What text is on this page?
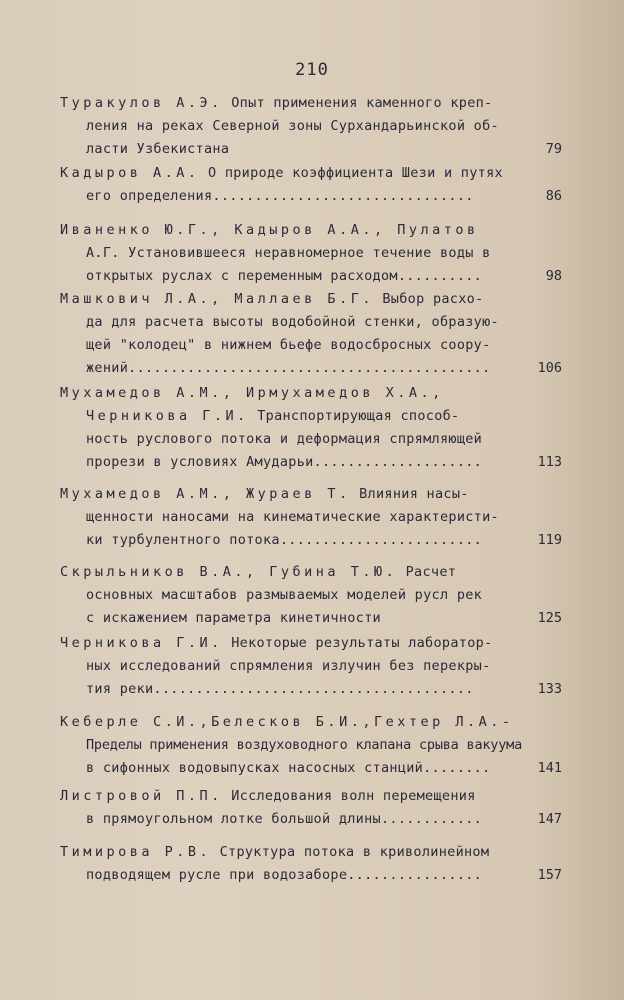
210
Туракулов А.Э. Опыт применения каменного креп-
ления на реках Северной зоны Сурхандарьинской об-
ласти Узбекистана	79
Кадыров А.А. О природе коэффициента Шези и путях
его определения...............................	86
Иваненко Ю.Г., Кадыров А.А., Пулатов
А.Г. Установившееся неравномерное течение воды в
открытых руслах с переменным расходом..........	98
Машкович Л.А., Маллаев Б.Г. Выбор расхо-
да для расчета высоты водобойной стенки, образую-
щей "колодец" в нижнем бьефе водосбросных соору-
жений...........................................	106
Мухамедов А.М., Ирмухамедов Х.А.,
Черникова Г.И. Транспортирующая способ-
ность руслового потока и деформация спрямляющей
прорези в условиях Амударьи....................	113
Мухамедов А.М., Жураев Т. Влияния насы-
щенности наносами на кинематические характеристи-
ки турбулентного потока........................	119
Скрыльников В.А., Губина Т.Ю. Расчет
основных масштабов размываемых моделей русл рек
с искажением параметра кинетичности	125
Черникова Г.И. Некоторые результаты лаборатор-
ных исследований спрямления излучин без перекры-
тия реки......................................	133
Кеберле С.И.,Белесков Б.И.,Гехтер Л.А.-
Пределы применения воздуховодного клапана срыва вакуума
в сифонных водовыпусках насосных станций........	141
Листровой П.П. Исследования волн перемещения
в прямоугольном лотке большой длины............	147
Тимирова Р.В. Структура потока в криволинейном
подводящем русле при водозаборе................	157
